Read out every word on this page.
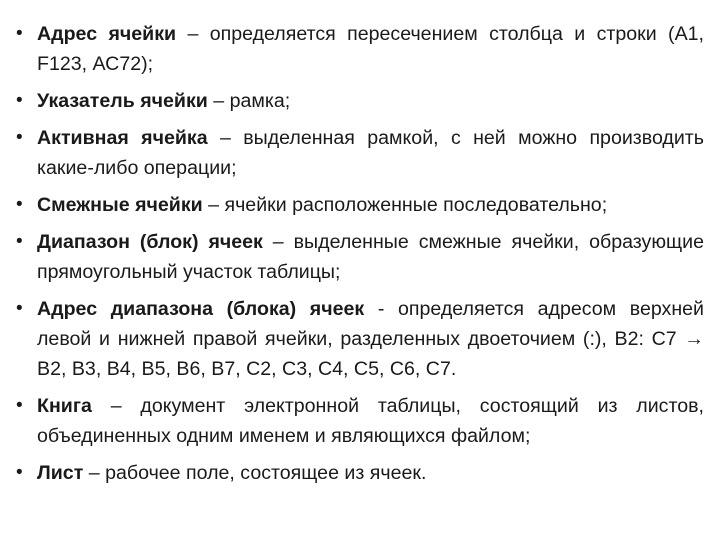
• Адрес ячейки – определяется пересечением столбца и строки (А1, F123, АС72);
• Указатель ячейки – рамка;
• Активная ячейка – выделенная рамкой, с ней можно производить какие-либо операции;
• Смежные ячейки – ячейки расположенные последовательно;
• Диапазон (блок) ячеек – выделенные смежные ячейки, образующие прямоугольный участок таблицы;
• Адрес диапазона (блока) ячеек - определяется адресом верхней левой и нижней правой ячейки, разделенных двоеточием (:), В2: С7 → В2, В3, В4, В5, В6, В7, С2, С3, С4, С5, С6, С7.
• Книга – документ электронной таблицы, состоящий из листов, объединенных одним именем и являющихся файлом;
• Лист – рабочее поле, состоящее из ячеек.
